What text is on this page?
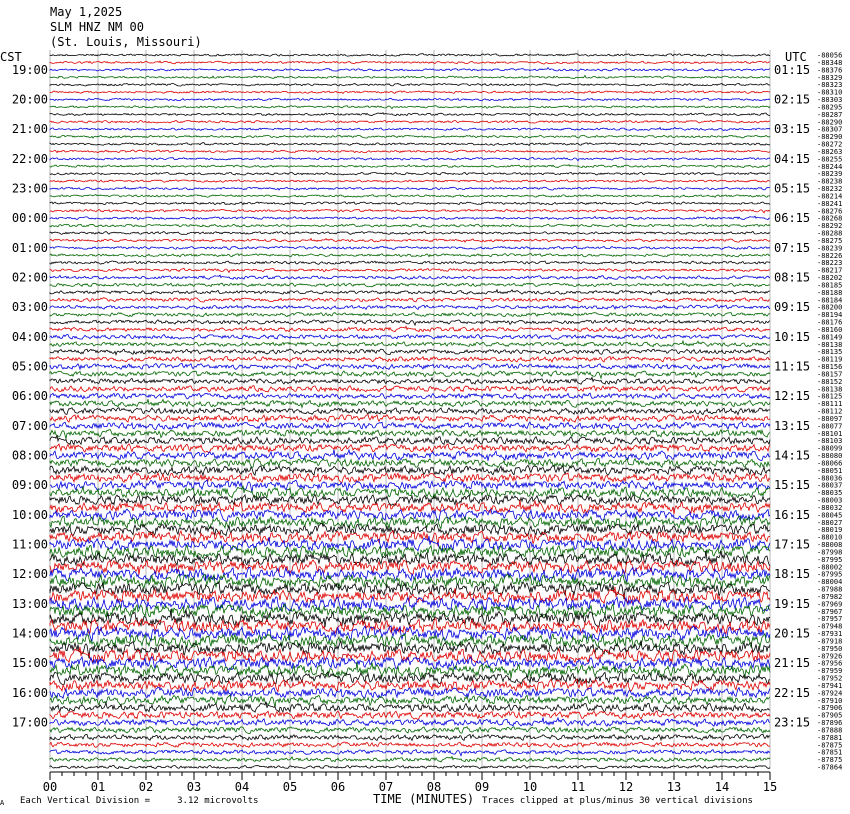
May 1,2025
SLM HNZ NM 00
(St. Louis, Missouri)
CST	UTC
00	01	02	03	04	05	06	07	08	09	10	11	12	13	14	15
19:00
20:00
21:00
22:00
23:00
00:00
01:00
02:00
03:00
04:00
05:00
06:00
07:00
08:00
09:00
10:00
11:00
12:00
13:00
14:00
15:00
16:00
17:00
01:15
02:15
03:15
04:15
05:15
06:15
07:15
08:15
09:15
10:15
11:15
12:15
13:15
14:15
15:15
16:15
17:15
18:15
19:15
20:15
21:15
22:15
23:15
-88056
-88348
-88376
-88329
-88323
-88310
-88303
-88295
-88287
-88290
-88307
-88290
-88272
-88263
-88255
-88244
-88239
-88238
-88232
-88214
-88241
-88276
-88268
-88292
-88288
-88275
-88239
-88226
-88223
-88217
-88202
-88185
-88188
-88184
-88200
-88194
-88176
-88160
-88149
-88138
-88135
-88119
-88156
-88157
-88152
-88138
-88125
-88111
-88112
-88097
-88077
-88101
-88103
-88099
-88080
-88066
-88051
-88036
-88037
-88035
-88003
-88032
-88045
-88027
-88019
-88010
-88008
-87998
-87995
-88002
-87995
-88004
-87988
-87982
-87969
-87967
-87957
-87948
-87931
-87918
-87950
-87926
-87956
-87959
-87952
-87941
-87924
-87910
-87906
-87905
-87896
-87888
-87881
-87875
-87851
-87875
-87864
A Each Vertical Division =     3.12 microvolts	TIME (MINUTES) Traces clipped at plus/minus 30 vertical divisions
